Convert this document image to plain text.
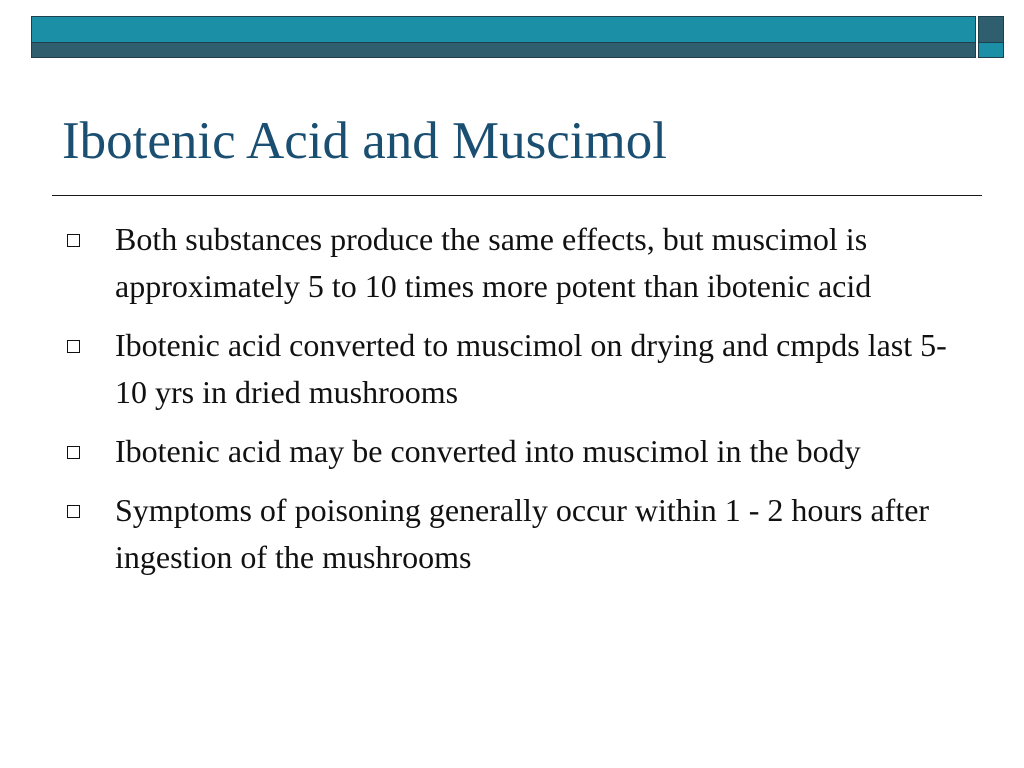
Ibotenic Acid and Muscimol
Both substances produce the same effects, but muscimol is approximately 5 to 10 times more potent than ibotenic acid
Ibotenic acid converted to muscimol on drying and cmpds last 5-10 yrs in dried mushrooms
Ibotenic acid may be converted into muscimol in the body
Symptoms of poisoning generally occur within 1 - 2 hours after ingestion of the mushrooms
